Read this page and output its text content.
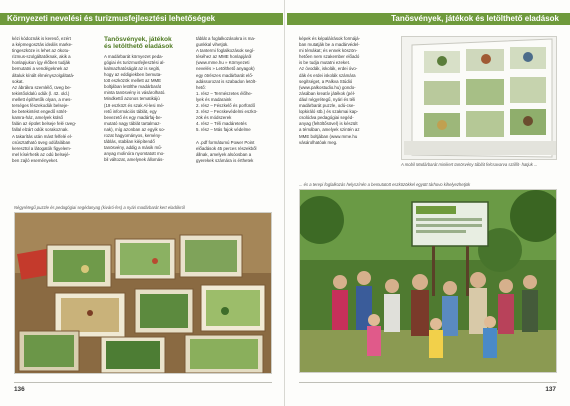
Környezeti nevelési és turizmusfejlesztési lehetőségek

kézi kódoznák is kereső, ezért
a képmegosztás ideális marke-
tingeszköze is lehet az ökotu-
rizmus-szolgáltatóknak, akik a
honlapjukon így élőben tudják
bemutatni a vendégeknek az
általuk kínált élményszolgáltatá-
sokat.
Az ábrákra szemlélő, üveg be-
tekintőoldalú odúk (l. 42. old.)
mellett építhetők olyan, a mes-
terséges fészekodúk belseje-
be betekintést engedő sötét-
kamra-ház, amelyek külső
falán az épület belseje felé üveg-
fallal elzárt odúk sorakoznak.
A takarítás után mást felfelé el-
csúsztatható üveg odúfalában
keresztül a látogatók figyelem-
mel kísérhetik az odú belsejé-
ben zajló eseményeket.

Tanösvények, játékok
és letölthető eladások

A madárbarát környezet peda-
gógiai és turizmusfejlesztési al-
kalmazhatóságát az is segíti,
hogy az eddigiekben bemuta-
tott eszközök mellett az MME
boltjában letölthe madárbarát
minta tanösvény is vásárolható.
Mindkettő azonos tematikájú
(19 eszközt és szak Al-lesi mé-
retű információs táblát, egy
bevezető és egy madárfaj-be-
mutató nagy táblát tartalmaz-
nak), míg azonban az egyik so-
rozat hagyományos, kemény-
táblás, stabilan kiépítendő
tanösvény, addig a másik mű-
anyag molinóra nyomtatott mo-
bil változat, amelynek állomás-

táblát a foglalkozásokra is ma-
gunkkal vihetjük.
A tantermi foglalkozások segí-
téséhez az MME honlapjáról
(www.mme.hu » Környezeti
nevelés » Letölthető anyagok)
egy ötrészes madárbarát elő-
adássorozat is szabadon letölt-
hető:
1. rész – Természetes élőhe-
lyek és madaraink
2. rész – Fészkelő és porfürdő
3. rész – Fecskevédelmi eszkö-
zök és módszerek
4. rész – Téli madáretetés
5. rész – Más fajok védelme

A .pdf formátumú Power Point
előadások 45 perces részekből
állnak, amelyek alsóosban a
gyerekek számára is érthetek

Négyrétegű puzzle és pedagógiai segédanyag (kiváró-fes) a nyári madárbarát kert eladókról
136
Tanösvények, játékok és letölthető eladások

képek és képaláírások formájá-
ban mutatják be a madárvédel-
mi témákat; és ennek köszön-
hetően nem szakember előadó
is be tudja mutatni ezeket.
Az óvodák, iskolák, erdei óvo-
dák és erdei iskolák számára
segítséget, a Palkva Stúdió
(www.palkostudio.hu) gondo-
zásában kreatív játékok (pél-
dául négyrétegű, nyári és téli
madárbarát puzzle, odú-cse-
lopkiráló stb.) és szakmai kap-
csolódva pedagógiai segéd-
anyag (feltöltősövel) is készült
a témában, amelyek szintén az
MME boltjában (www.mme.hu
vásárolhatóak meg.

A mobil Madárbarát minikert tanösvény táblát felcsavarva szállít- hatjuk ...
... és a terepi foglalkozás helyszínén a bemutatott eszközökkel együtt tárhovo kihelyezhetjük
137
